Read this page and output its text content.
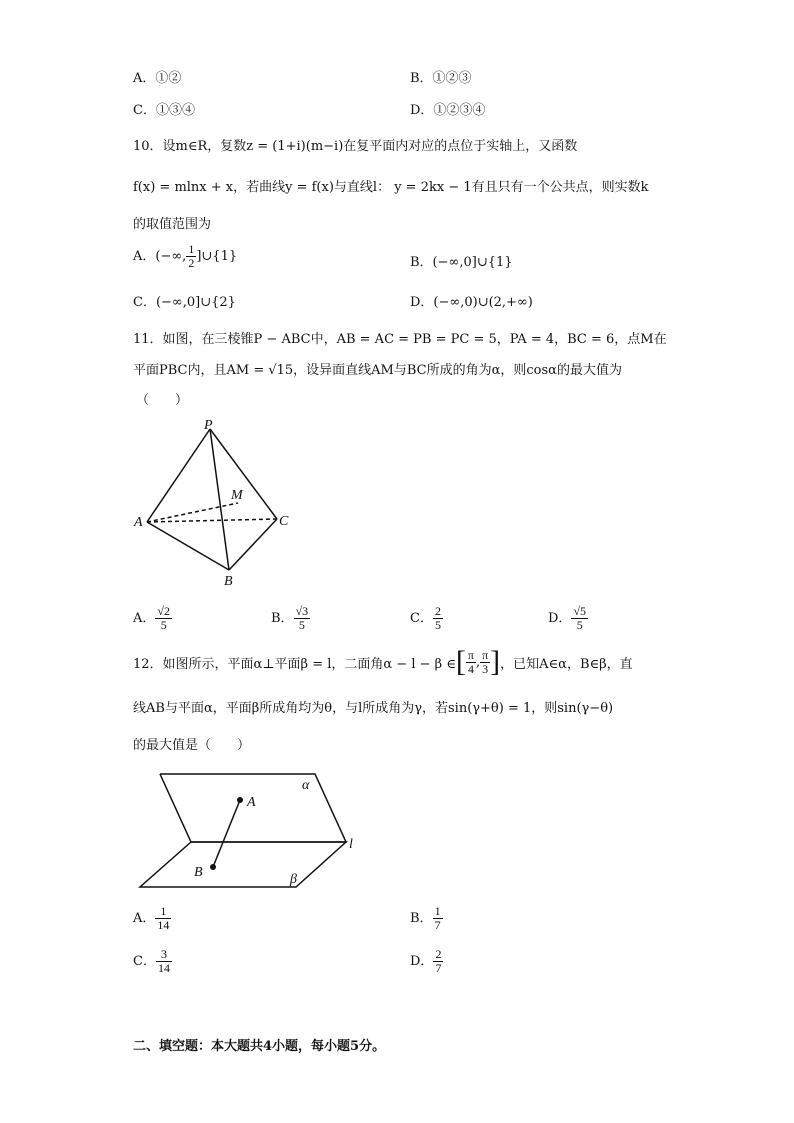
A．①②	B．①②③
C．①③④	D．①②③④
10．设m∈R，复数z = (1+i)(m−i)在复平面内对应的点位于实轴上，又函数
f(x) = mlnx + x，若曲线y = f(x)与直线l： y = 2kx − 1有且只有一个公共点，则实数k
的取值范围为
A．(−∞, $\frac{1}{2}$ ]∪{1}	B．(−∞,0]∪{1}
C．(−∞,0]∪{2}	D．(−∞,0)∪(2,+∞)
11．如图，在三棱锥P − ABC中，AB = AC = PB = PC = 5，PA = 4，BC = 6，点M在
平面PBC内，且AM = √15，设异面直线AM与BC所成的角为α，则cosα的最大值为
（　　）
P
A
B
C
M
A． $\frac{√2}{5}$	B． $\frac{√3}{5}$	C． $\frac{2}{5}$	D． $\frac{√5}{5}$
12．如图所示，平面α⊥平面β = l，二面角α − l − β ∈ [ $\frac{\pi}{4}$ , $\frac{\pi}{3}$ ] ，已知A∈α，B∈β，直
线AB与平面α，平面β所成角均为θ，与l所成角为γ，若sin(γ+θ) = 1，则sin(γ−θ)
的最大值是（　　）
α
β
l
A
B
A． $\frac{1}{14}$	B． $\frac{1}{7}$
C． $\frac{3}{14}$	D． $\frac{2}{7}$
二、填空题：本大题共4小题，每小题5分。
